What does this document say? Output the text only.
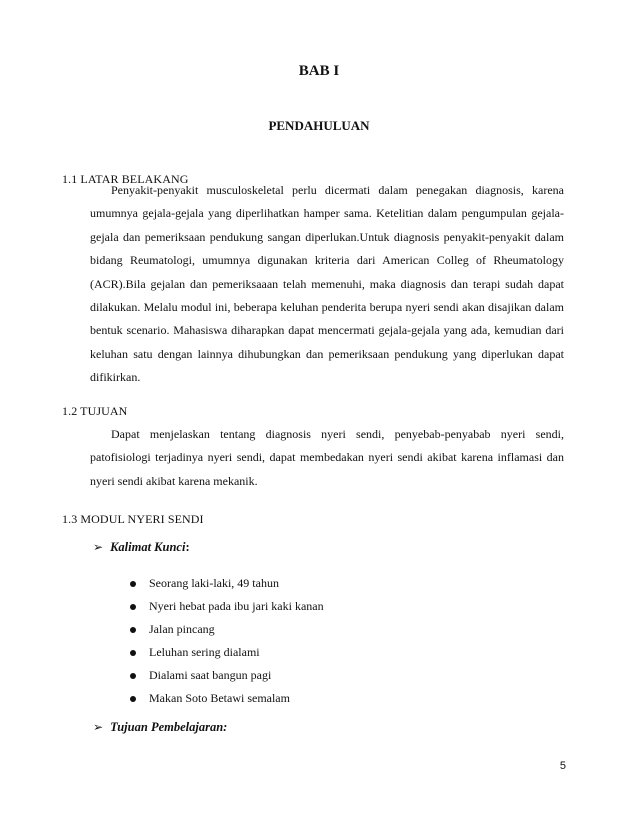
BAB I
PENDAHULUAN
1.1 LATAR BELAKANG
Penyakit-penyakit musculoskeletal perlu dicermati dalam penegakan diagnosis, karena umumnya gejala-gejala yang diperlihatkan hamper sama. Ketelitian dalam pengumpulan gejala-gejala dan pemeriksaan pendukung sangan diperlukan.Untuk diagnosis penyakit-penyakit dalam bidang Reumatologi, umumnya digunakan kriteria dari American Colleg of Rheumatology (ACR).Bila gejalan dan pemeriksaaan telah memenuhi, maka diagnosis dan terapi sudah dapat dilakukan. Melalu modul ini, beberapa keluhan penderita berupa nyeri sendi akan disajikan dalam bentuk scenario. Mahasiswa diharapkan dapat mencermati gejala-gejala yang ada, kemudian dari keluhan satu dengan lainnya dihubungkan dan pemeriksaan pendukung yang diperlukan dapat difikirkan.
1.2 TUJUAN
Dapat menjelaskan tentang diagnosis nyeri sendi, penyebab-penyabab nyeri sendi, patofisiologi terjadinya nyeri sendi, dapat membedakan nyeri sendi akibat karena inflamasi dan nyeri sendi akibat karena mekanik.
1.3 MODUL NYERI SENDI
➢ Kalimat Kunci :
Seorang laki-laki, 49 tahun
Nyeri hebat pada ibu jari kaki kanan
Jalan pincang
Leluhan sering dialami
Dialami saat bangun pagi
Makan Soto Betawi semalam
➢ Tujuan Pembelajaran:
5
